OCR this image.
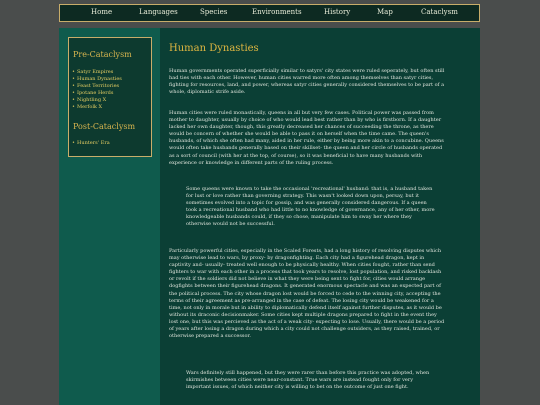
Home	Languages	Species	Environments	History	Map	Cataclysm
Pre-Cataclysm
• Satyr Empires
• Human Dynasties
• Feast Territories
• Ipotane Herds
• Nightling X
• Merfolk X
Post-Cataclysm
• Hunters' Era
Human Dynasties

Human governments operated superficially similar to satyrs' city states were ruled seperately, but often still had ties with each other. However, human cities warred more often among themselves than satyr cities, fighting for resources, land, and power, whereas satyr cities generally considered themselves to be part of a whole, diplomatic strife aside.

Human cities were ruled monastically, queens in all but very few cases. Political power was passed from mother to daughter, usually by choice of who would lead best rather than by who is firstborn. If a daughter lacked her own daughter, though, this greatly decreased her chances of succeeding the throne, as there would be concern of whether she would be able to pass it on herself when the time came. The queen's husbands, of which she often had many, aided in her rule, either by being more akin to a concubine. Queens would often take husbands generally based on their skillset- the queen and her circle of husbands operated as a sort of council (with her at the top, of course), so it was beneficial to have many husbands with experience or knowledge in different parts of the ruling process.

Some queens were known to take the occasional 'recreational' husband: that is, a husband taken for lust or love rather than governing strategy. This wasn't looked down upon, persay, but it sometimes evolved into a topic for gossip, and was generally considered dangerous. If a queen took a recreational husband who had little to no knowledge of governance, any of her other, more knowledgeable husbands could, if they so chose, manipulate him to sway her where they otherwise would not be successful.

Particularly powerful cities, especially in the Scaled Forests, had a long history of resolving disputes which may otherwise lead to wars, by proxy- by dragonfighting. Each city had a figurehead dragon, kept in captivity and- usually- treated well enough to be physically healthy. When cities fought, rather than send fighters to war with each other in a process that took years to resolve, lost population, and risked backlash or revolt if the soldiers did not believe in what they were being sent to fight for, cities would arrange dogfights between their figurehead dragons. It generated enormous spectacle and was an expected part of the political process. The city whose dragon lost would be forced to cede to the winning city, accepting the terms of their agreement as pre-arranged in the case of defeat. The losing city would be weakened for a time, not only in morale but in ability to diplomatically defend itself against further disputes, as it would be without its draconic decisionmaker. Some cities kept multiple dragons prepared to fight in the event they lost one, but this was percieved as the act of a weak city- expecting to lose. Usually, there would be a period of years after losing a dragon during which a city could not challenge outsiders, as they raised, trained, or otherwise prepared a successor.

Wars definitely still happened, but they were rarer than before this practice was adopted, when skirmishes between cities were near-constant. True wars are instead fought only for very important issues, of which neither city is willing to bet on the outcome of just one fight.
